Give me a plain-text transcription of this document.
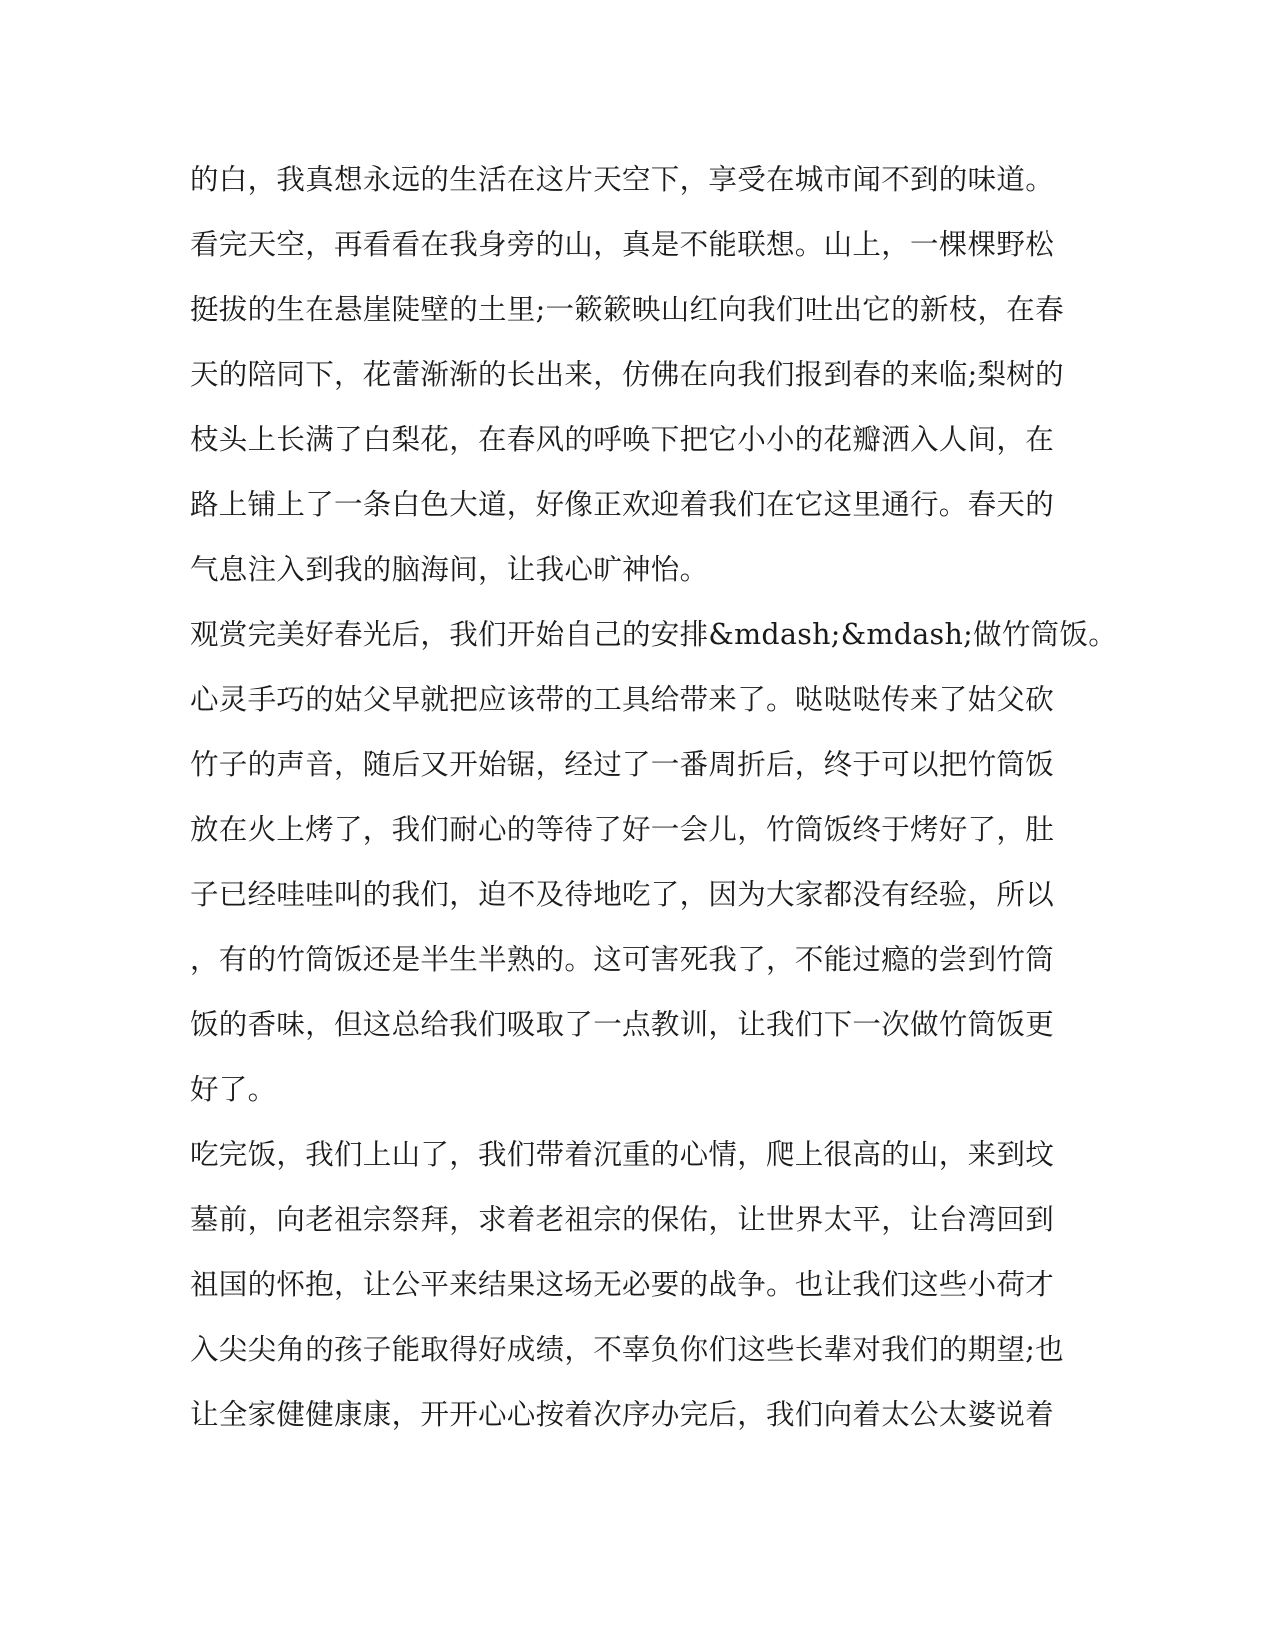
的白，我真想永远的生活在这片天空下，享受在城市闻不到的味道。
看完天空，再看看在我身旁的山，真是不能联想。山上，一棵棵野松
挺拔的生在悬崖陡壁的土里;一簌簌映山红向我们吐出它的新枝，在春
天的陪同下，花蕾渐渐的长出来，仿佛在向我们报到春的来临;梨树的
枝头上长满了白梨花，在春风的呼唤下把它小小的花瓣洒入人间，在
路上铺上了一条白色大道，好像正欢迎着我们在它这里通行。春天的
气息注入到我的脑海间，让我心旷神怡。
观赏完美好春光后，我们开始自己的安排&mdash;&mdash;做竹筒饭。
心灵手巧的姑父早就把应该带的工具给带来了。哒哒哒传来了姑父砍
竹子的声音，随后又开始锯，经过了一番周折后，终于可以把竹筒饭
放在火上烤了，我们耐心的等待了好一会儿，竹筒饭终于烤好了，肚
子已经哇哇叫的我们，迫不及待地吃了，因为大家都没有经验，所以
，有的竹筒饭还是半生半熟的。这可害死我了，不能过瘾的尝到竹筒
饭的香味，但这总给我们吸取了一点教训，让我们下一次做竹筒饭更
好了。
吃完饭，我们上山了，我们带着沉重的心情，爬上很高的山，来到坟
墓前，向老祖宗祭拜，求着老祖宗的保佑，让世界太平，让台湾回到
祖国的怀抱，让公平来结果这场无必要的战争。也让我们这些小荷才
入尖尖角的孩子能取得好成绩，不辜负你们这些长辈对我们的期望;也
让全家健健康康，开开心心按着次序办完后，我们向着太公太婆说着
